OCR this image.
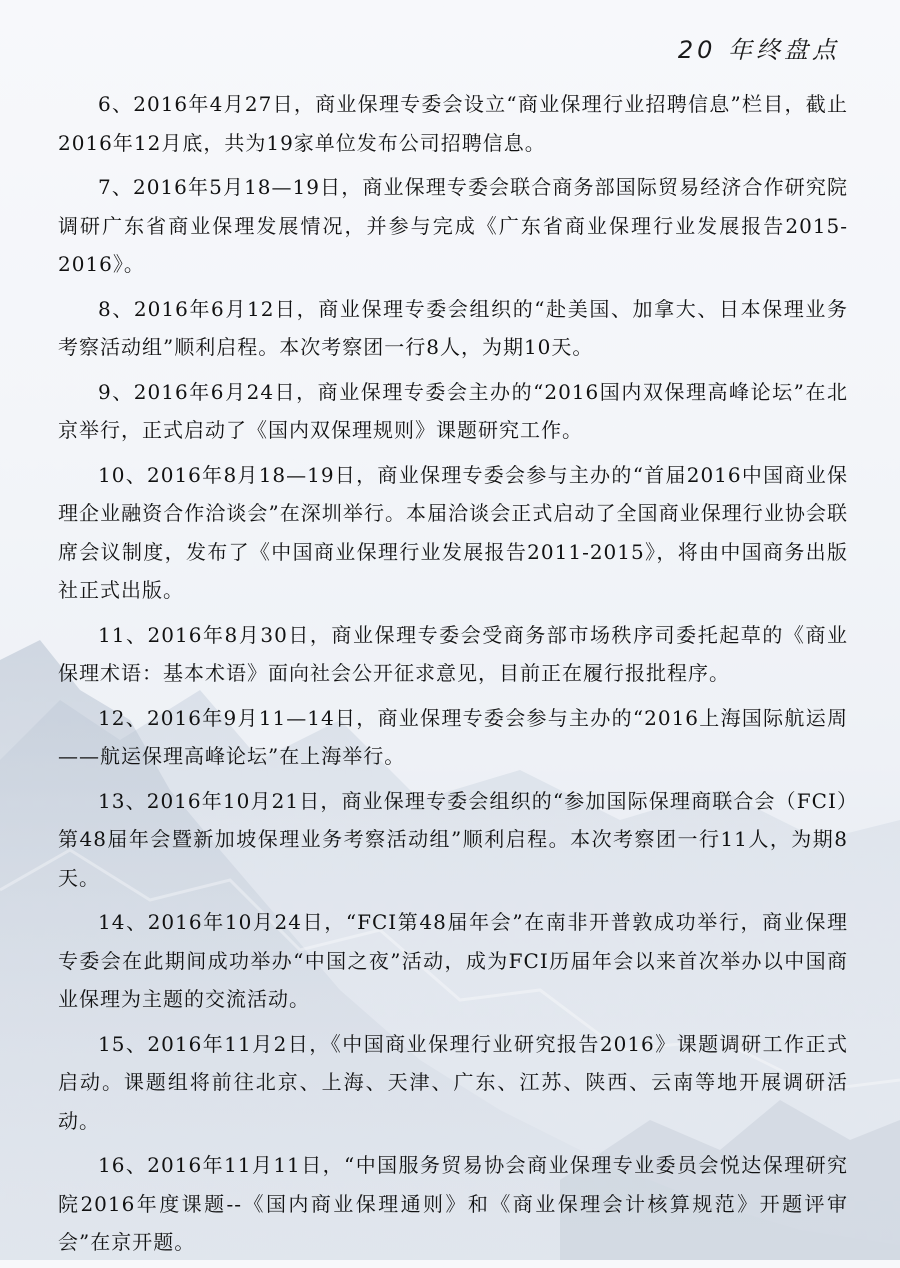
20 年终盘点

6、2016年4月27日，商业保理专委会设立“商业保理行业招聘信息”栏目，截止2016年12月底，共为19家单位发布公司招聘信息。

7、2016年5月18—19日，商业保理专委会联合商务部国际贸易经济合作研究院调研广东省商业保理发展情况，并参与完成《广东省商业保理行业发展报告2015-2016》。

8、2016年6月12日，商业保理专委会组织的“赴美国、加拿大、日本保理业务考察活动组”顺利启程。本次考察团一行8人，为期10天。

9、2016年6月24日，商业保理专委会主办的“2016国内双保理高峰论坛”在北京举行，正式启动了《国内双保理规则》课题研究工作。

10、2016年8月18—19日，商业保理专委会参与主办的“首届2016中国商业保理企业融资合作洽谈会”在深圳举行。本届洽谈会正式启动了全国商业保理行业协会联席会议制度，发布了《中国商业保理行业发展报告2011-2015》，将由中国商务出版社正式出版。

11、2016年8月30日，商业保理专委会受商务部市场秩序司委托起草的《商业保理术语：基本术语》面向社会公开征求意见，目前正在履行报批程序。

12、2016年9月11—14日，商业保理专委会参与主办的“2016上海国际航运周——航运保理高峰论坛”在上海举行。

13、2016年10月21日，商业保理专委会组织的“参加国际保理商联合会（FCI）第48届年会暨新加坡保理业务考察活动组”顺利启程。本次考察团一行11人，为期8天。

14、2016年10月24日，“FCI第48届年会”在南非开普敦成功举行，商业保理专委会在此期间成功举办“中国之夜”活动，成为FCI历届年会以来首次举办以中国商业保理为主题的交流活动。

15、2016年11月2日，《中国商业保理行业研究报告2016》课题调研工作正式启动。课题组将前往北京、上海、天津、广东、江苏、陕西、云南等地开展调研活动。

16、2016年11月11日，“中国服务贸易协会商业保理专业委员会悦达保理研究院2016年度课题--《国内商业保理通则》和《商业保理会计核算规范》开题评审会”在京开题。
